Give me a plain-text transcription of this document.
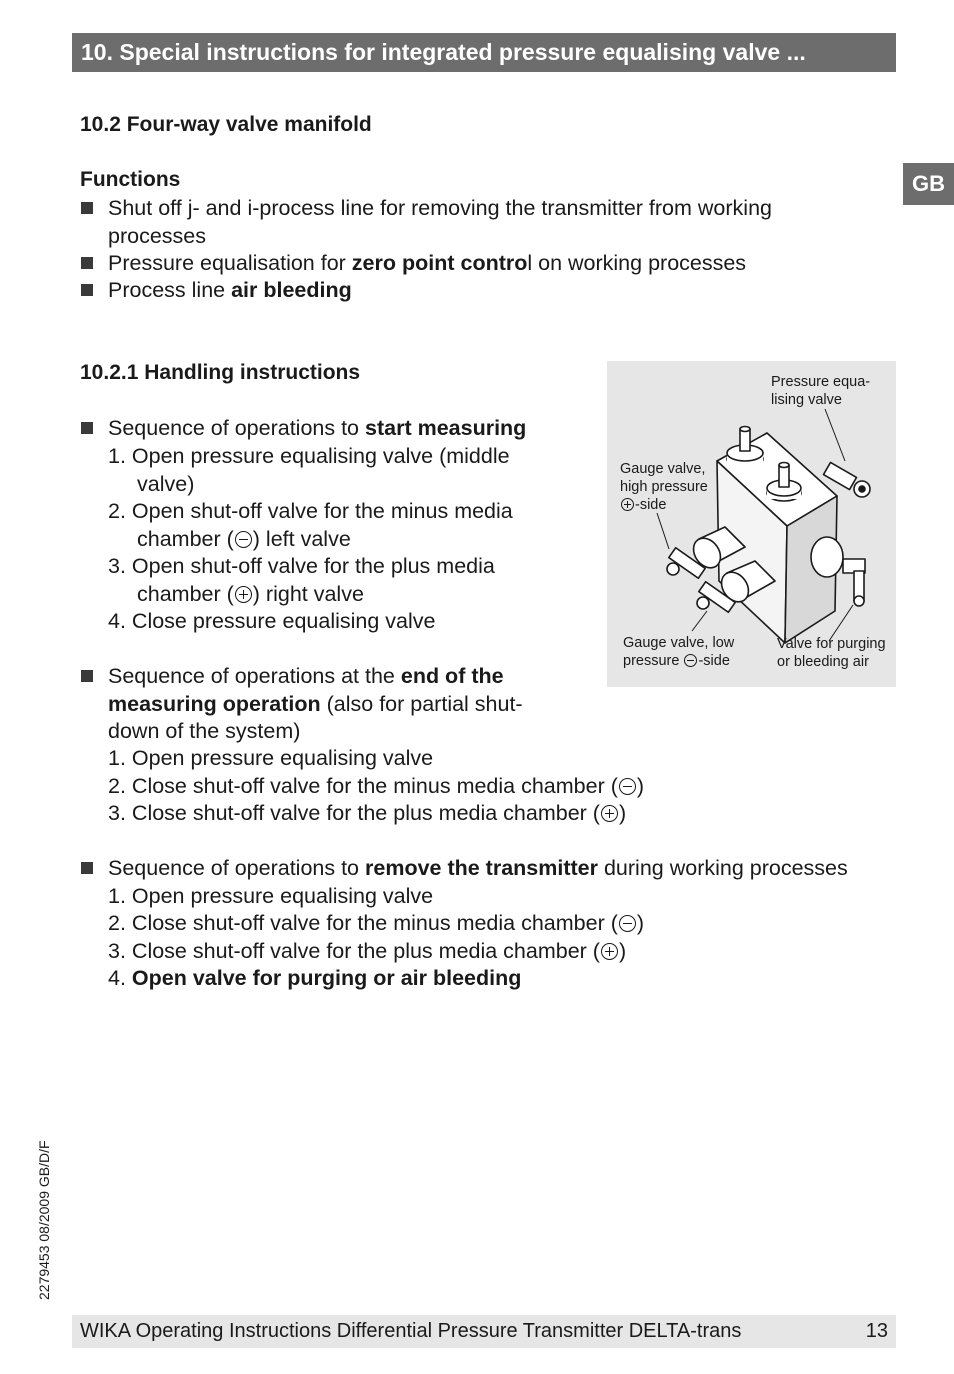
10. Special instructions for integrated pressure equalising valve ...
GB
10.2 Four-way valve manifold
Functions
Shut off j- and i-process line for removing the transmitter from working
processes
Pressure equalisation for zero point control on working processes
Process line air bleeding
10.2.1 Handling instructions
Sequence of operations to start measuring
1. Open pressure equalising valve (middle
valve)
2. Open shut-off valve for the minus media
chamber ( ) left valve
3. Open shut-off valve for the plus media
chamber ( ) right valve
4. Close pressure equalising valve
Sequence of operations at the end of the
measuring operation (also for partial shut-
down of the system)
1. Open pressure equalising valve
2. Close shut-off valve for the minus media chamber ( )
3. Close shut-off valve for the plus media chamber ( )
Sequence of operations to remove the transmitter during working processes
1. Open pressure equalising valve
2. Close shut-off valve for the minus media chamber ( )
3. Close shut-off valve for the plus media chamber ( )
4. Open valve for purging or air bleeding
Pressure equa-
lising valve
Gauge valve,
high pressure
-side
Gauge valve, low
pressure -side
Valve for purging
or bleeding air
2279453 08/2009 GB/D/F
WIKA Operating Instructions Differential Pressure Transmitter DELTA-trans	13
